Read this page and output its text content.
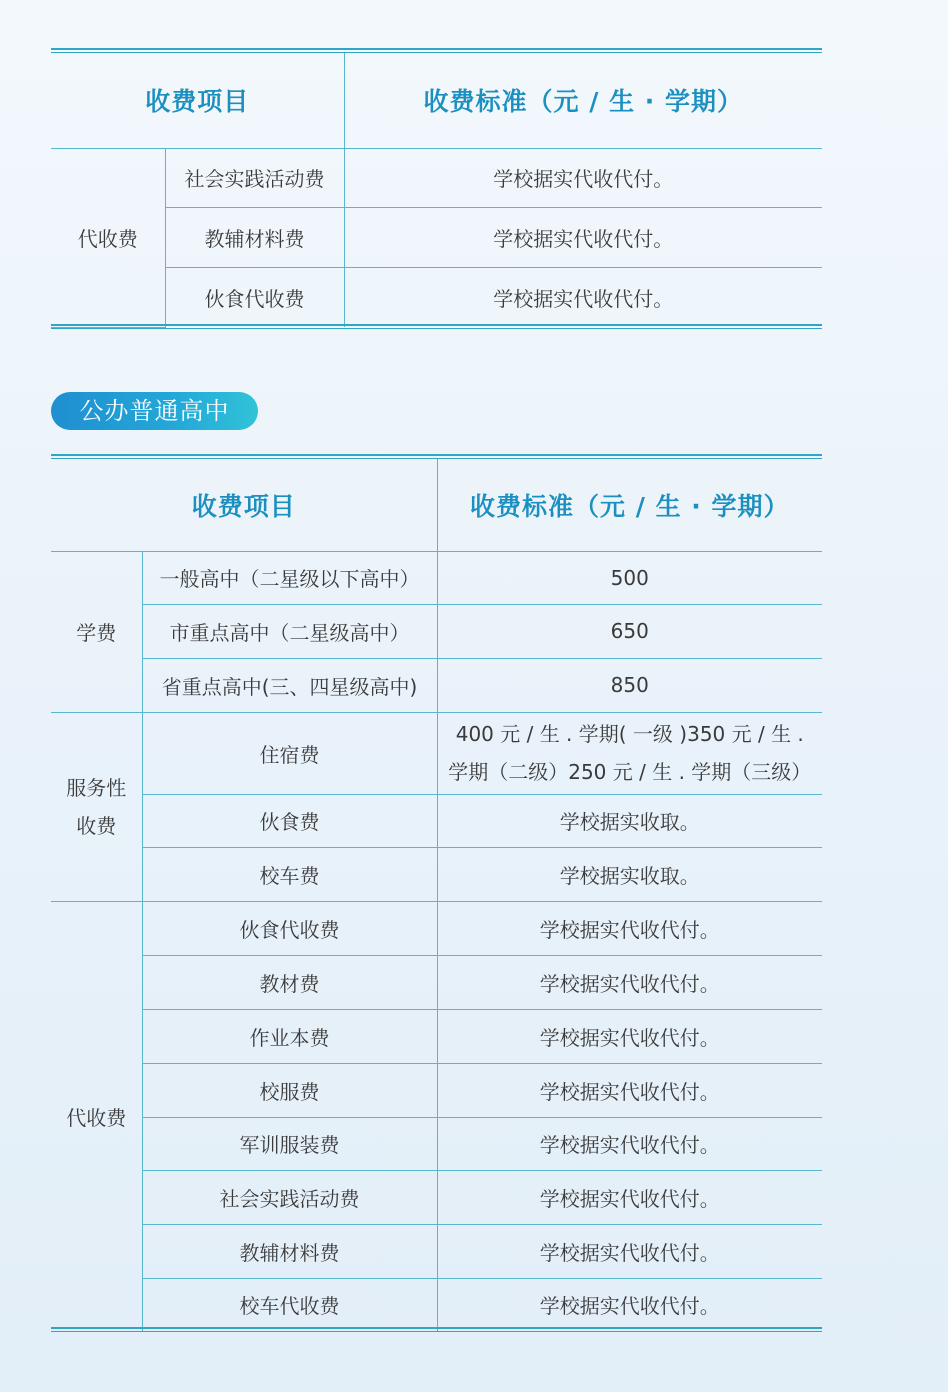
收费项目		收费标准（元 / 生 · 学期）
代收费	社会实践活动费	学校据实代收代付。
	教辅材料费	学校据实代收代付。
	伙食代收费	学校据实代收代付。
公办普通高中
收费项目		收费标准（元 / 生 · 学期）
学费	一般高中（二星级以下高中）	500
	市重点高中（二星级高中）	650
	省重点高中(三、四星级高中)	850
服务性收费	住宿费	400 元 / 生 . 学期( 一级 )350 元 / 生 . 学期（二级）250 元 / 生 . 学期（三级）
	伙食费	学校据实收取。
	校车费	学校据实收取。
代收费	伙食代收费	学校据实代收代付。
	教材费	学校据实代收代付。
	作业本费	学校据实代收代付。
	校服费	学校据实代收代付。
	军训服装费	学校据实代收代付。
	社会实践活动费	学校据实代收代付。
	教辅材料费	学校据实代收代付。
	校车代收费	学校据实代收代付。
